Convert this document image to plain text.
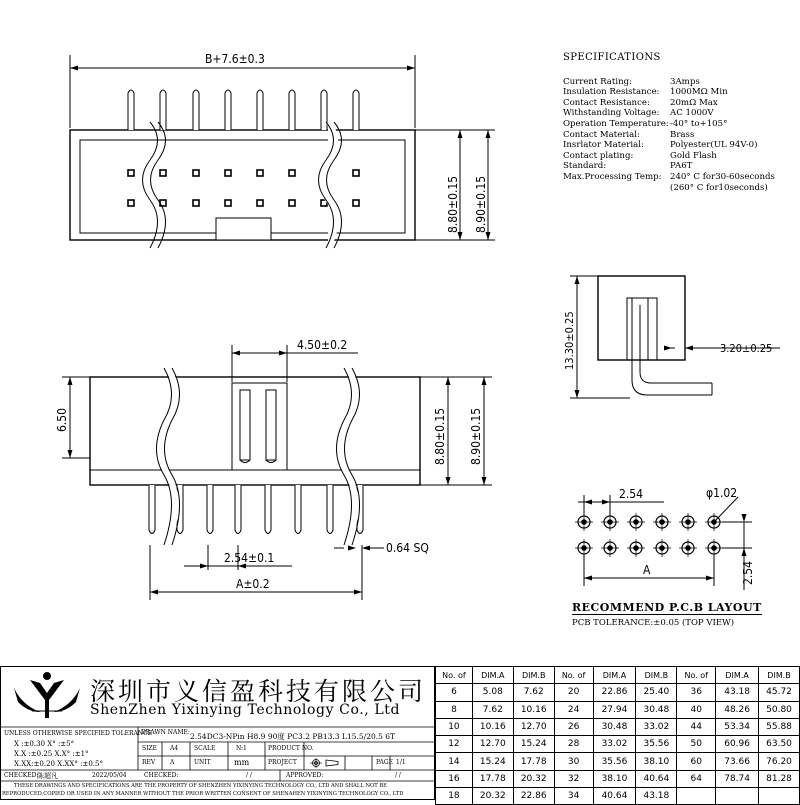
B+7.6±0.3
8.80±0.15 8.90±0.15
4.50±0.2
6.50	8.80±0.15 8.90±0.15
2.54±0.1
0.64 SQ
A±0.2
13.30±0.25	3.20±0.25
2.54	φ1.02
A	2.54
SPECIFICATIONS
Current Rating:	3Amps
Insulation Resistance:	1000MΩ Min
Contact Resistance:	20mΩ Max
Withstanding Voltage:	AC 1000V
Operation Temperature: -40° to+105°
Contact Material:	Brass
Insrlator Material:	Polyester(UL 94V-0)
Contact plating:	Gold Flash
Standard:	PA6T
Max.Processing Temp: 240° C for30-60seconds
(260° C for10seconds)
RECOMMEND P.C.B LAYOUT
PCB TOLERANCE:±0.05 (TOP VIEW)
深圳市义信盈科技有限公司
ShenZhen Yixinying Technology Co., Ltd
UNLESS OTHERWISE SPECIFIED TOLERANCE
X :±0.30 X° :±5°
X.X :±0.25 X.X° :±1°
X.XX:±0.20 X.XX° :±0.5°
DRAWN NAME: 2.54DC3-NPin H8.9 90度 PC3.2 PB13.3 L15.5/20.5 6T
SIZE A4	SCALE	N:1	PRODUCT NO.
REV A	UNIT	mm	PROJECT	PAGE 1/1
CHECKED:
陈超凡	2022/05/04	CHECKED:	/ /	APPROVED:	/ /
THESE DRAWINGS AND SPECIFICATIONS ARE THE PROPERTY OF SHENZHEN YIXINYING TECHNOLOGY CO., LTD AND SHALL NOT BE
REPRODUCED,COPIED OR USED IN ANY MANNER WITHOUT THE PRIOR WRITTEN CONSENT OF SHENAHEN YIXINYING TECHNOLOGY CO., LTD
No. of	DIM.A	DIM.B	No. of	DIM.A	DIM.B	No. of	DIM.A	DIM.B
6	5.08	7.62	20	22.86	25.40	36	43.18	45.72
8	7.62	10.16	24	27.94	30.48	40	48.26	50.80
10	10.16	12.70	26	30.48	33.02	44	53.34	55.88
12	12.70	15.24	28	33.02	35.56	50	60.96	63.50
14	15.24	17.78	30	35.56	38.10	60	73.66	76.20
16	17.78	20.32	32	38.10	40.64	64	78.74	81.28
18	20.32	22.86	34	40.64	43.18			
